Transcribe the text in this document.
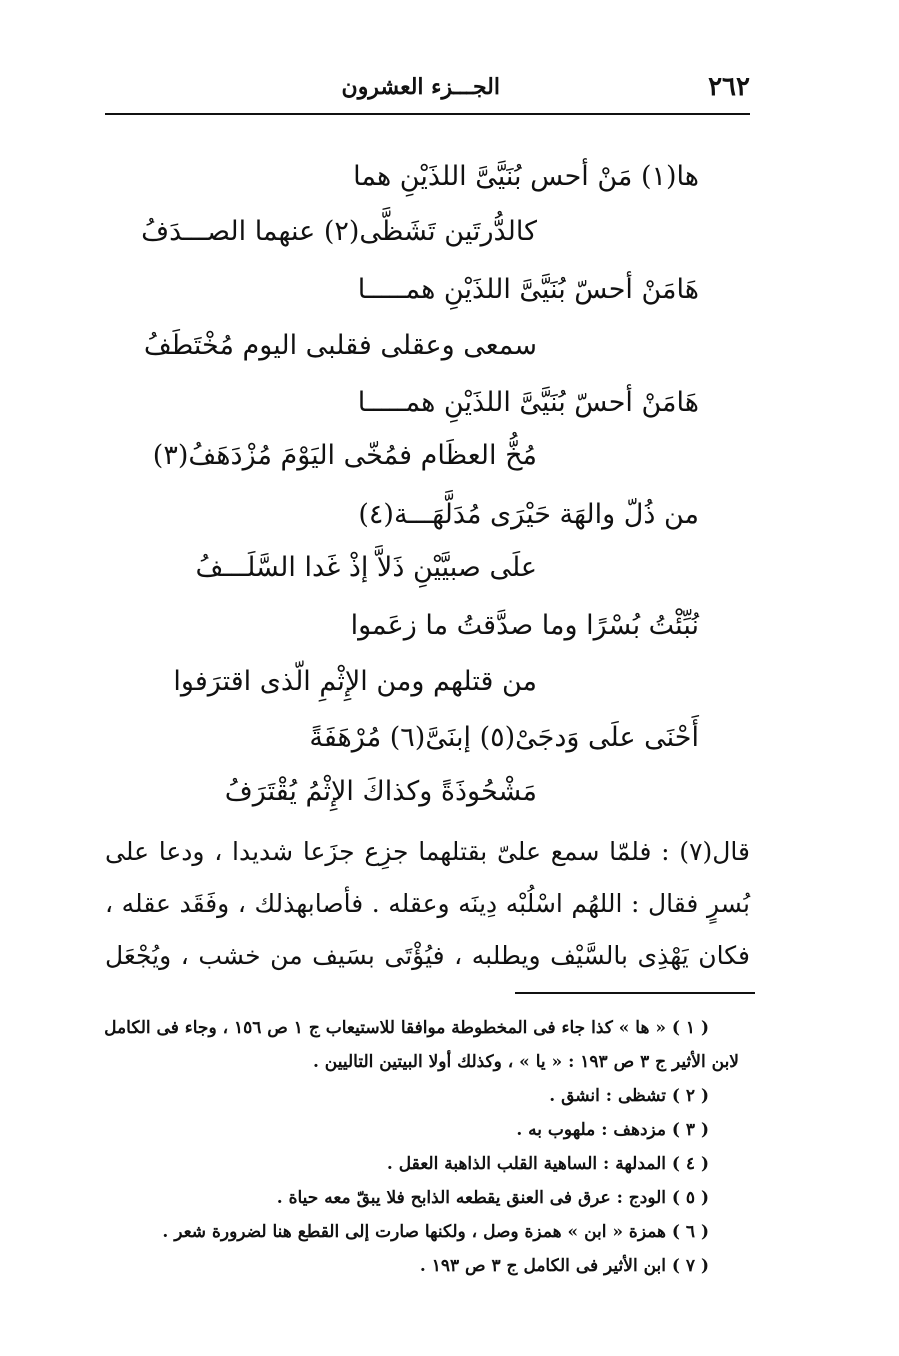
٢٦٢
الجـــزء العشرون
ها(١) مَنْ أحس بُنَيَّىَّ اللذَيْنِ هما
كالدُّرتَين تَشَظَّى(٢) عنهما الصـــدَفُ
هَامَنْ أحسّ بُنَيَّىَّ اللذَيْنِ همـــــا
سمعى وعقلى فقلبى اليوم مُخْتَطَفُ
هَامَنْ أحسّ بُنَيَّىَّ اللذَيْنِ همـــــا
مُخُّ العظَام فمُخّى اليَوْمَ مُزْدَهَفُ(٣)
من ذُلّ والهَة حَيْرَى مُدَلَّهَـــة(٤)
علَى صبيَّيْنِ ذَلاَّ إذْ غَدا السَّلَـــفُ
نُبِّئْتُ بُسْرًا وما صدَّقتُ ما زعَموا
من قتلهم ومن الإِثْمِ الّذى اقترَفوا
أَحْنَى علَى وَدجَىْ(٥) إبنَىَّ(٦) مُرْهَفَةً
مَشْحُوذَةً وكذاكَ الإِثْمُ يُقْتَرَفُ
قال(٧) : فلمّا سمع علىّ بقتلهما جزِع جزَعا شديدا ، ودعا على
بُسرٍ فقال : اللهُم اسْلُبْه دِينَه وعقله . فأصابهذلك ، وفَقَد عقله ،
فكان يَهْذِى بالسَّيْف ويطلبه ، فيُؤْتَى بسَيف من خشب ، ويُجْعَل
( ١ ) « ها » كذا جاء فى المخطوطة موافقا للاستيعاب ج ١ ص ١٥٦ ، وجاء فى الكامل
لابن الأثير ج ٣ ص ١٩٣ : « يا » ، وكذلك أولا البيتين التاليين .
( ٢ ) تشظى : انشق .
( ٣ ) مزدهف : ملهوب به .
( ٤ ) المدلهة : الساهية القلب الذاهبة العقل .
( ٥ ) الودج : عرق فى العنق يقطعه الذابح فلا يبقّ معه حياة .
( ٦ ) همزة « ابن » همزة وصل ، ولكنها صارت إلى القطع هنا لضرورة شعر .
( ٧ ) ابن الأثير فى الكامل ج ٣ ص ١٩٣ .
